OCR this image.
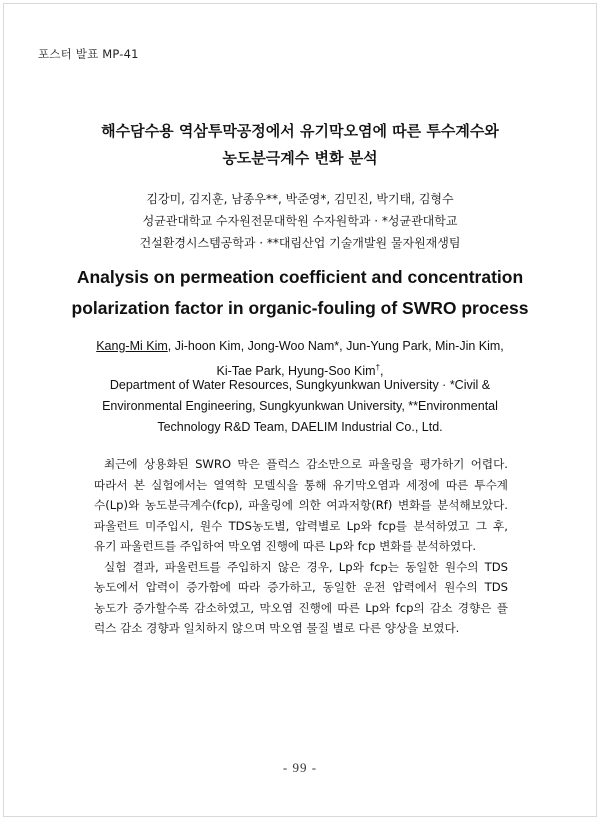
포스터 발표 MP-41
해수담수용 역삼투막공정에서 유기막오염에 따른 투수계수와
농도분극계수 변화 분석
김강미, 김지훈, 남종우**, 박준영*, 김민진, 박기태, 김형수
성균관대학교 수자원전문대학원 수자원학과 · *성균관대학교
건설환경시스템공학과 · **대림산업 기술개발원 물자원재생팀
Analysis on permeation coefficient and concentration
polarization factor in organic-fouling of SWRO process
Kang-Mi Kim, Ji-hoon Kim, Jong-Woo Nam*, Jun-Yung Park, Min-Jin Kim,
Ki-Tae Park, Hyung-Soo Kim†,
Department of Water Resources, Sungkyunkwan University · *Civil &
Environmental Engineering, Sungkyunkwan University, **Environmental
Technology R&D Team, DAELIM Industrial Co., Ltd.

최근에 상용화된 SWRO 막은 플럭스 감소만으로 파울링을 평가하기 어렵다.
따라서 본 실험에서는 열역학 모델식을 통해 유기막오염과 세정에 따른 투수계
수(Lp)와 농도분극계수(fcp), 파울링에 의한 여과저항(Rf) 변화를 분석해보았다.
파울런트 미주입시, 원수 TDS농도별, 압력별로 Lp와 fcp를 분석하였고 그 후,
유기 파울런트를 주입하여 막오염 진행에 따른 Lp와 fcp 변화를 분석하였다.

실험 결과, 파울런트를 주입하지 않은 경우, Lp와 fcp는 동일한 원수의 TDS
농도에서 압력이 증가함에 따라 증가하고, 동일한 운전 압력에서 원수의 TDS
농도가 증가할수록 감소하였고, 막오염 진행에 따른 Lp와 fcp의 감소 경향은 플
럭스 감소 경향과 일치하지 않으며 막오염 물질 별로 다른 양상을 보였다.

- 99 -
